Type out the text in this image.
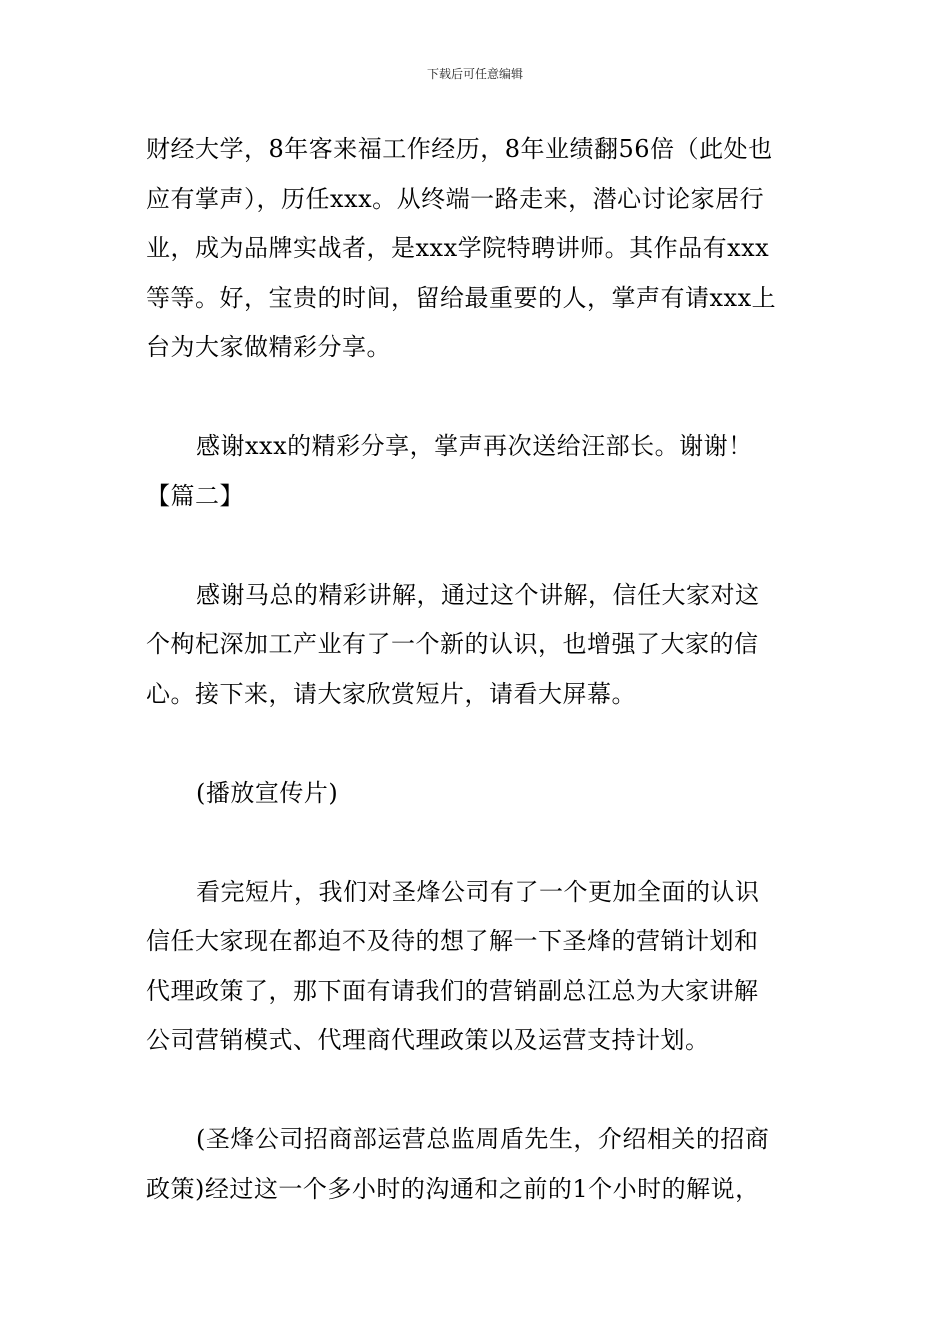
下载后可任意编辑
财经大学，8年客来福工作经历，8年业绩翻56倍（此处也
应有掌声），历任xxx。从终端一路走来，潜心讨论家居行
业，成为品牌实战者，是xxx学院特聘讲师。其作品有xxx
等等。好，宝贵的时间，留给最重要的人，掌声有请xxx上
台为大家做精彩分享。
感谢xxx的精彩分享，掌声再次送给汪部长。谢谢！
【篇二】
感谢马总的精彩讲解，通过这个讲解，信任大家对这
个枸杞深加工产业有了一个新的认识，也增强了大家的信
心。接下来，请大家欣赏短片，请看大屏幕。
(播放宣传片)
看完短片，我们对圣烽公司有了一个更加全面的认识
信任大家现在都迫不及待的想了解一下圣烽的营销计划和
代理政策了，那下面有请我们的营销副总江总为大家讲解
公司营销模式、代理商代理政策以及运营支持计划。
(圣烽公司招商部运营总监周盾先生，介绍相关的招商
政策)经过这一个多小时的沟通和之前的1个小时的解说，
